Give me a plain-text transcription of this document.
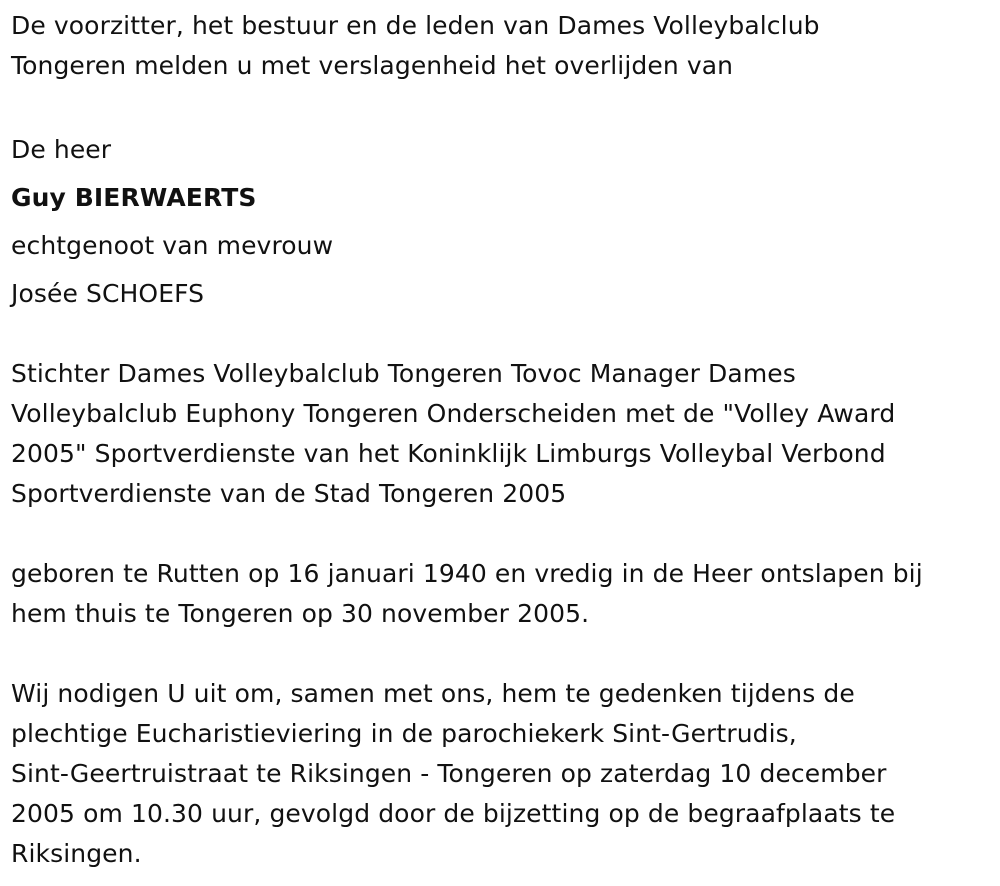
De voorzitter, het bestuur en de leden van Dames Volleybalclub

Tongeren melden u met verslagenheid het overlijden van

De heer

Guy BIERWAERTS

echtgenoot van mevrouw

Josée SCHOEFS

Stichter Dames Volleybalclub Tongeren Tovoc Manager Dames

Volleybalclub Euphony Tongeren Onderscheiden met de "Volley Award

2005" Sportverdienste van het Koninklijk Limburgs Volleybal Verbond

Sportverdienste van de Stad Tongeren 2005

geboren te Rutten op 16 januari 1940 en vredig in de Heer ontslapen bij

hem thuis te Tongeren op 30 november 2005.

Wij nodigen U uit om, samen met ons, hem te gedenken tijdens de

plechtige Eucharistieviering in de parochiekerk Sint-Gertrudis,

Sint-Geertruistraat te Riksingen - Tongeren op zaterdag 10 december

2005 om 10.30 uur, gevolgd door de bijzetting op de begraafplaats te

Riksingen.
